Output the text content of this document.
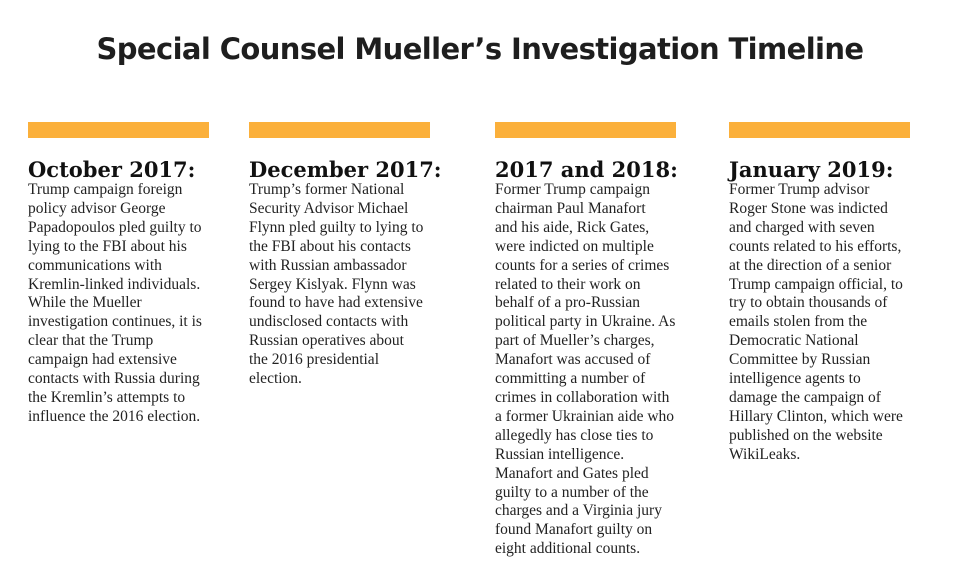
Special Counsel Mueller’s Investigation Timeline
October 2017:
Trump campaign foreign
policy advisor George
Papadopoulos pled guilty to
lying to the FBI about his
communications with
Kremlin-linked individuals.
While the Mueller
investigation continues, it is
clear that the Trump
campaign had extensive
contacts with Russia during
the Kremlin’s attempts to
influence the 2016 election.
December 2017:
Trump’s former National
Security Advisor Michael
Flynn pled guilty to lying to
the FBI about his contacts
with Russian ambassador
Sergey Kislyak. Flynn was
found to have had extensive
undisclosed contacts with
Russian operatives about
the 2016 presidential
election.
2017 and 2018:
Former Trump campaign
chairman Paul Manafort
and his aide, Rick Gates,
were indicted on multiple
counts for a series of crimes
related to their work on
behalf of a pro-Russian
political party in Ukraine. As
part of Mueller’s charges,
Manafort was accused of
committing a number of
crimes in collaboration with
a former Ukrainian aide who
allegedly has close ties to
Russian intelligence.
Manafort and Gates pled
guilty to a number of the
charges and a Virginia jury
found Manafort guilty on
eight additional counts.
January 2019:
Former Trump advisor
Roger Stone was indicted
and charged with seven
counts related to his efforts,
at the direction of a senior
Trump campaign official, to
try to obtain thousands of
emails stolen from the
Democratic National
Committee by Russian
intelligence agents to
damage the campaign of
Hillary Clinton, which were
published on the website
WikiLeaks.
